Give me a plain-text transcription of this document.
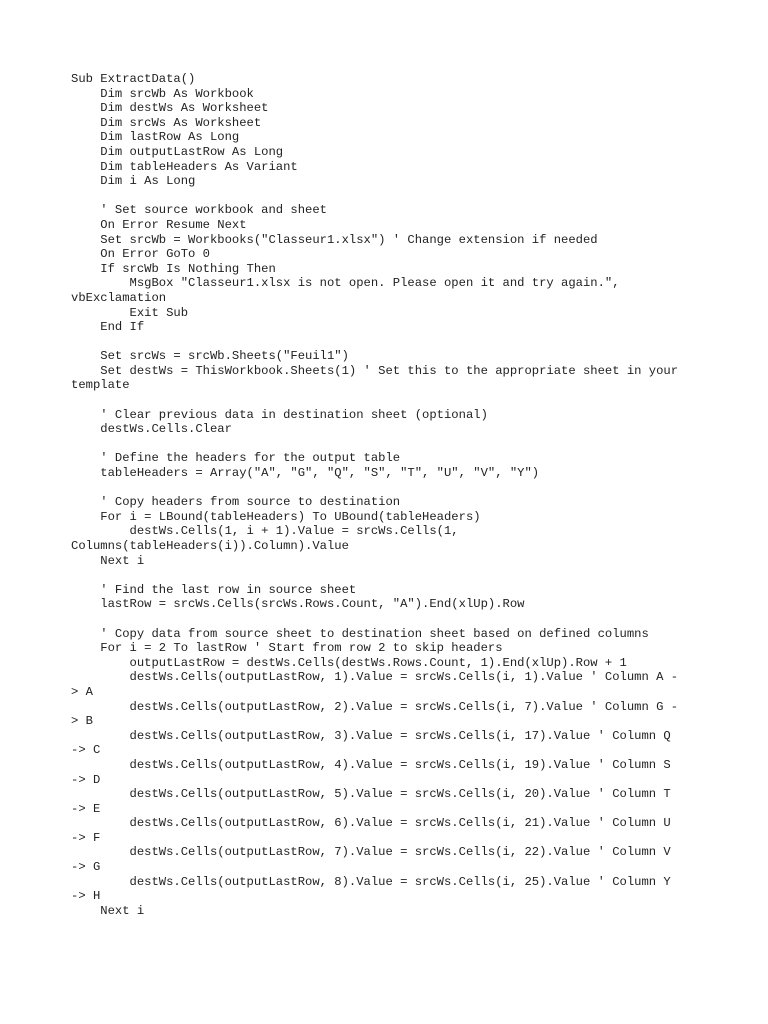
Sub ExtractData()
Dim srcWb As Workbook
Dim destWs As Worksheet
Dim srcWs As Worksheet
Dim lastRow As Long
Dim outputLastRow As Long
Dim tableHeaders As Variant
Dim i As Long
' Set source workbook and sheet
On Error Resume Next
Set srcWb = Workbooks("Classeur1.xlsx") ' Change extension if needed
On Error GoTo 0
If srcWb Is Nothing Then
MsgBox "Classeur1.xlsx is not open. Please open it and try again.",
vbExclamation
Exit Sub
End If
Set srcWs = srcWb.Sheets("Feuil1")
Set destWs = ThisWorkbook.Sheets(1) ' Set this to the appropriate sheet in your
template
' Clear previous data in destination sheet (optional)
destWs.Cells.Clear
' Define the headers for the output table
tableHeaders = Array("A", "G", "Q", "S", "T", "U", "V", "Y")
' Copy headers from source to destination
For i = LBound(tableHeaders) To UBound(tableHeaders)
destWs.Cells(1, i + 1).Value = srcWs.Cells(1,
Columns(tableHeaders(i)).Column).Value
Next i
' Find the last row in source sheet
lastRow = srcWs.Cells(srcWs.Rows.Count, "A").End(xlUp).Row
' Copy data from source sheet to destination sheet based on defined columns
For i = 2 To lastRow ' Start from row 2 to skip headers
outputLastRow = destWs.Cells(destWs.Rows.Count, 1).End(xlUp).Row + 1
destWs.Cells(outputLastRow, 1).Value = srcWs.Cells(i, 1).Value ' Column A -
> A
destWs.Cells(outputLastRow, 2).Value = srcWs.Cells(i, 7).Value ' Column G -
> B
destWs.Cells(outputLastRow, 3).Value = srcWs.Cells(i, 17).Value ' Column Q
-> C
destWs.Cells(outputLastRow, 4).Value = srcWs.Cells(i, 19).Value ' Column S
-> D
destWs.Cells(outputLastRow, 5).Value = srcWs.Cells(i, 20).Value ' Column T
-> E
destWs.Cells(outputLastRow, 6).Value = srcWs.Cells(i, 21).Value ' Column U
-> F
destWs.Cells(outputLastRow, 7).Value = srcWs.Cells(i, 22).Value ' Column V
-> G
destWs.Cells(outputLastRow, 8).Value = srcWs.Cells(i, 25).Value ' Column Y
-> H
Next i
